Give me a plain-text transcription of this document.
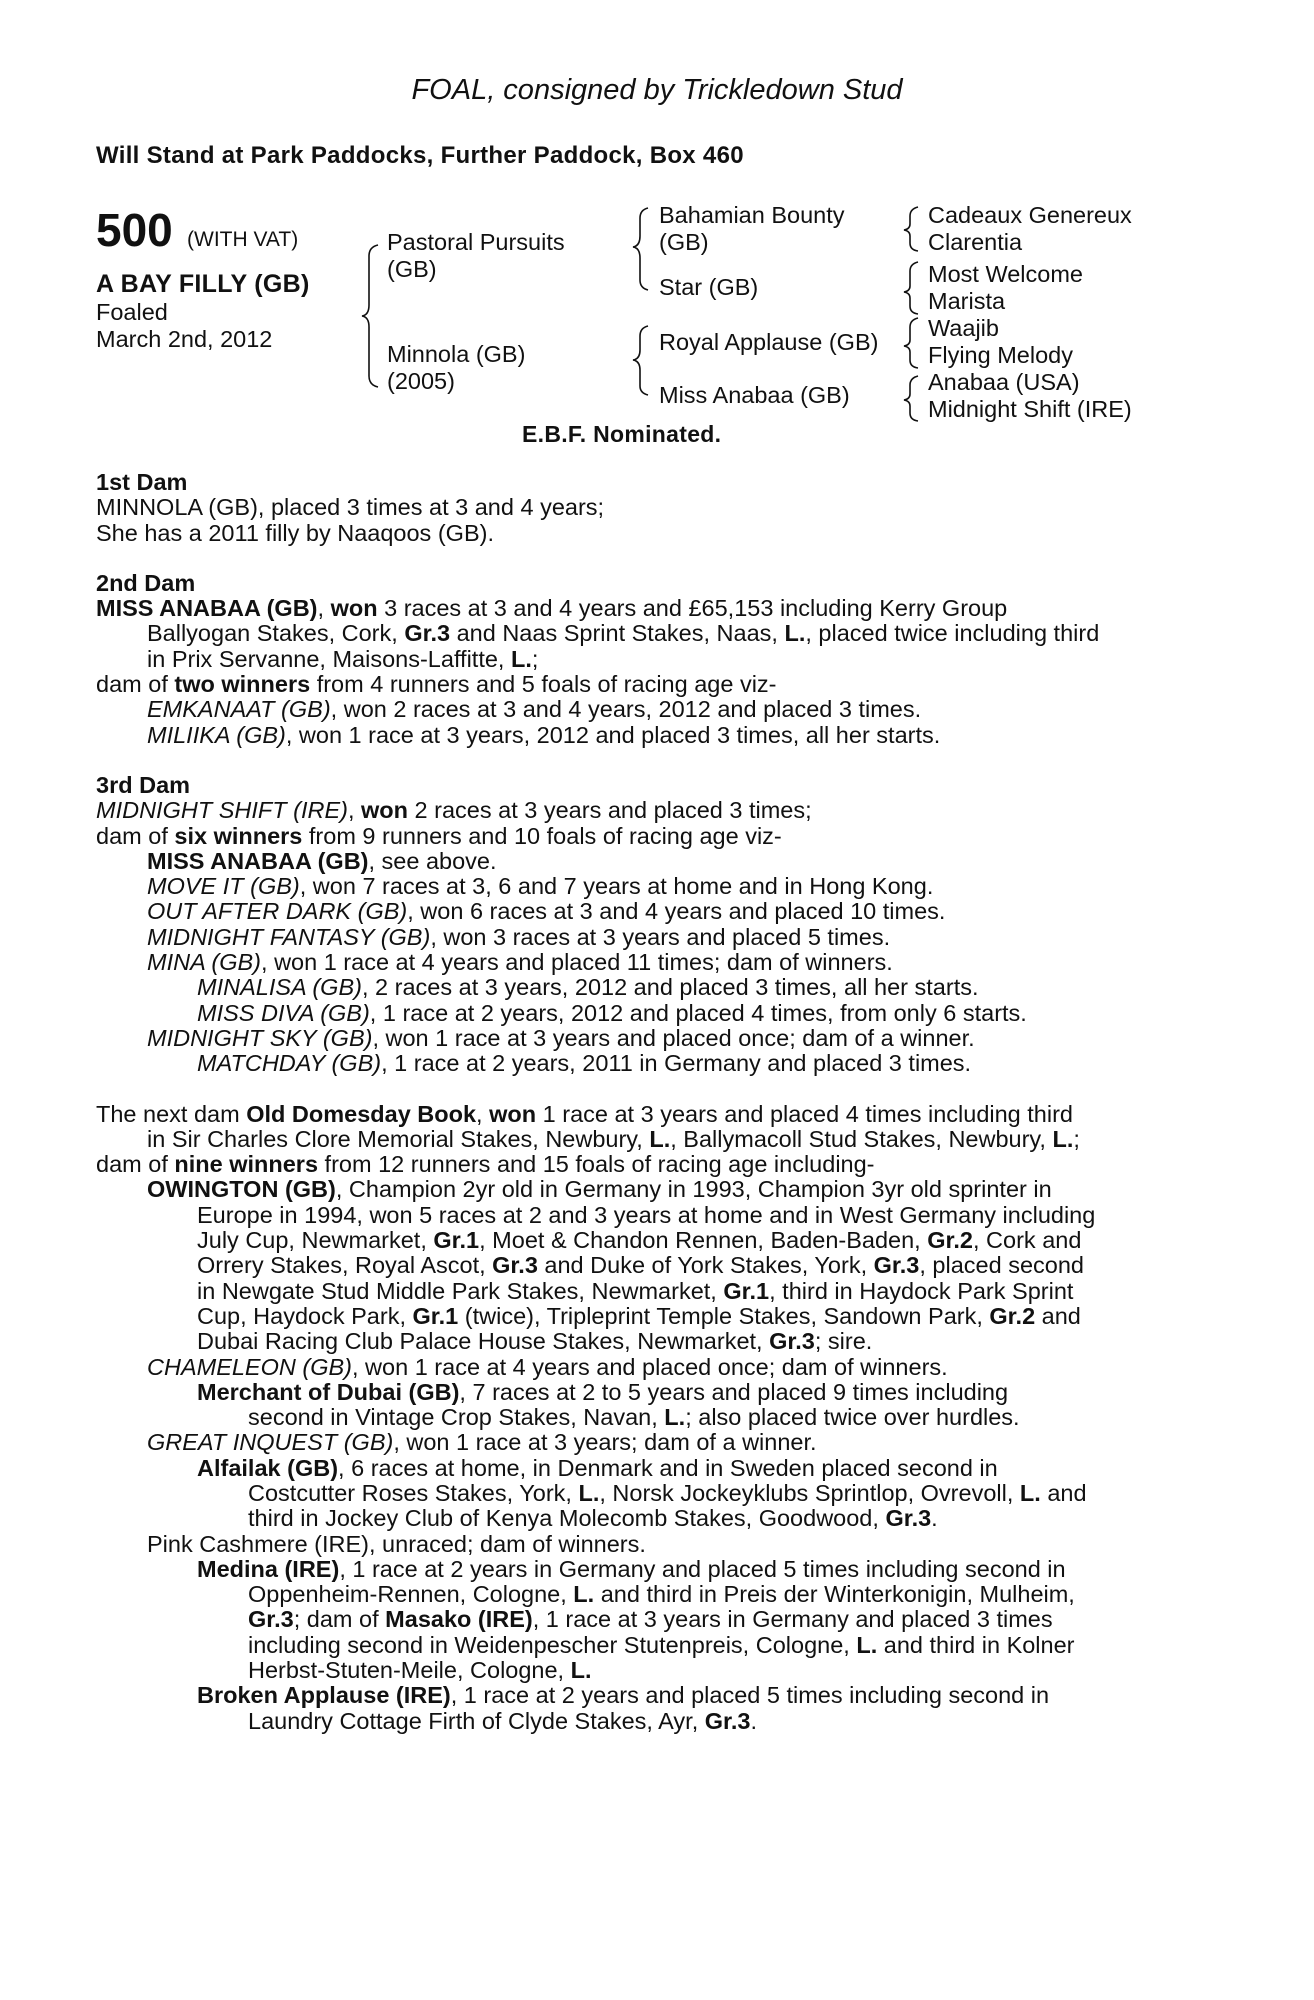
FOAL, consigned by Trickledown Stud
Will Stand at Park Paddocks, Further Paddock, Box 460
500 (WITH VAT)
A BAY FILLY (GB)
Foaled
March 2nd, 2012
Pastoral Pursuits
(GB)
Minnola (GB)
(2005)
Bahamian Bounty
(GB)
Star (GB)
Royal Applause (GB)
Miss Anabaa (GB)
Cadeaux Genereux
Clarentia
Most Welcome
Marista
Waajib
Flying Melody
Anabaa (USA)
Midnight Shift (IRE)
E.B.F. Nominated.
1st Dam
MINNOLA (GB), placed 3 times at 3 and 4 years;
She has a 2011 filly by Naaqoos (GB).
2nd Dam
MISS ANABAA (GB), won 3 races at 3 and 4 years and £65,153 including Kerry Group
Ballyogan Stakes, Cork, Gr.3 and Naas Sprint Stakes, Naas, L., placed twice including third
in Prix Servanne, Maisons-Laffitte, L.;
dam of two winners from 4 runners and 5 foals of racing age viz-
EMKANAAT (GB), won 2 races at 3 and 4 years, 2012 and placed 3 times.
MILIIKA (GB), won 1 race at 3 years, 2012 and placed 3 times, all her starts.
3rd Dam
MIDNIGHT SHIFT (IRE), won 2 races at 3 years and placed 3 times;
dam of six winners from 9 runners and 10 foals of racing age viz-
MISS ANABAA (GB), see above.
MOVE IT (GB), won 7 races at 3, 6 and 7 years at home and in Hong Kong.
OUT AFTER DARK (GB), won 6 races at 3 and 4 years and placed 10 times.
MIDNIGHT FANTASY (GB), won 3 races at 3 years and placed 5 times.
MINA (GB), won 1 race at 4 years and placed 11 times; dam of winners.
MINALISA (GB), 2 races at 3 years, 2012 and placed 3 times, all her starts.
MISS DIVA (GB), 1 race at 2 years, 2012 and placed 4 times, from only 6 starts.
MIDNIGHT SKY (GB), won 1 race at 3 years and placed once; dam of a winner.
MATCHDAY (GB), 1 race at 2 years, 2011 in Germany and placed 3 times.
The next dam Old Domesday Book, won 1 race at 3 years and placed 4 times including third
in Sir Charles Clore Memorial Stakes, Newbury, L., Ballymacoll Stud Stakes, Newbury, L.;
dam of nine winners from 12 runners and 15 foals of racing age including-
OWINGTON (GB), Champion 2yr old in Germany in 1993, Champion 3yr old sprinter in
Europe in 1994, won 5 races at 2 and 3 years at home and in West Germany including
July Cup, Newmarket, Gr.1, Moet & Chandon Rennen, Baden-Baden, Gr.2, Cork and
Orrery Stakes, Royal Ascot, Gr.3 and Duke of York Stakes, York, Gr.3, placed second
in Newgate Stud Middle Park Stakes, Newmarket, Gr.1, third in Haydock Park Sprint
Cup, Haydock Park, Gr.1 (twice), Tripleprint Temple Stakes, Sandown Park, Gr.2 and
Dubai Racing Club Palace House Stakes, Newmarket, Gr.3; sire.
CHAMELEON (GB), won 1 race at 4 years and placed once; dam of winners.
Merchant of Dubai (GB), 7 races at 2 to 5 years and placed 9 times including
second in Vintage Crop Stakes, Navan, L.; also placed twice over hurdles.
GREAT INQUEST (GB), won 1 race at 3 years; dam of a winner.
Alfailak (GB), 6 races at home, in Denmark and in Sweden placed second in
Costcutter Roses Stakes, York, L., Norsk Jockeyklubs Sprintlop, Ovrevoll, L. and
third in Jockey Club of Kenya Molecomb Stakes, Goodwood, Gr.3.
Pink Cashmere (IRE), unraced; dam of winners.
Medina (IRE), 1 race at 2 years in Germany and placed 5 times including second in
Oppenheim-Rennen, Cologne, L. and third in Preis der Winterkonigin, Mulheim,
Gr.3; dam of Masako (IRE), 1 race at 3 years in Germany and placed 3 times
including second in Weidenpescher Stutenpreis, Cologne, L. and third in Kolner
Herbst-Stuten-Meile, Cologne, L.
Broken Applause (IRE), 1 race at 2 years and placed 5 times including second in
Laundry Cottage Firth of Clyde Stakes, Ayr, Gr.3.
